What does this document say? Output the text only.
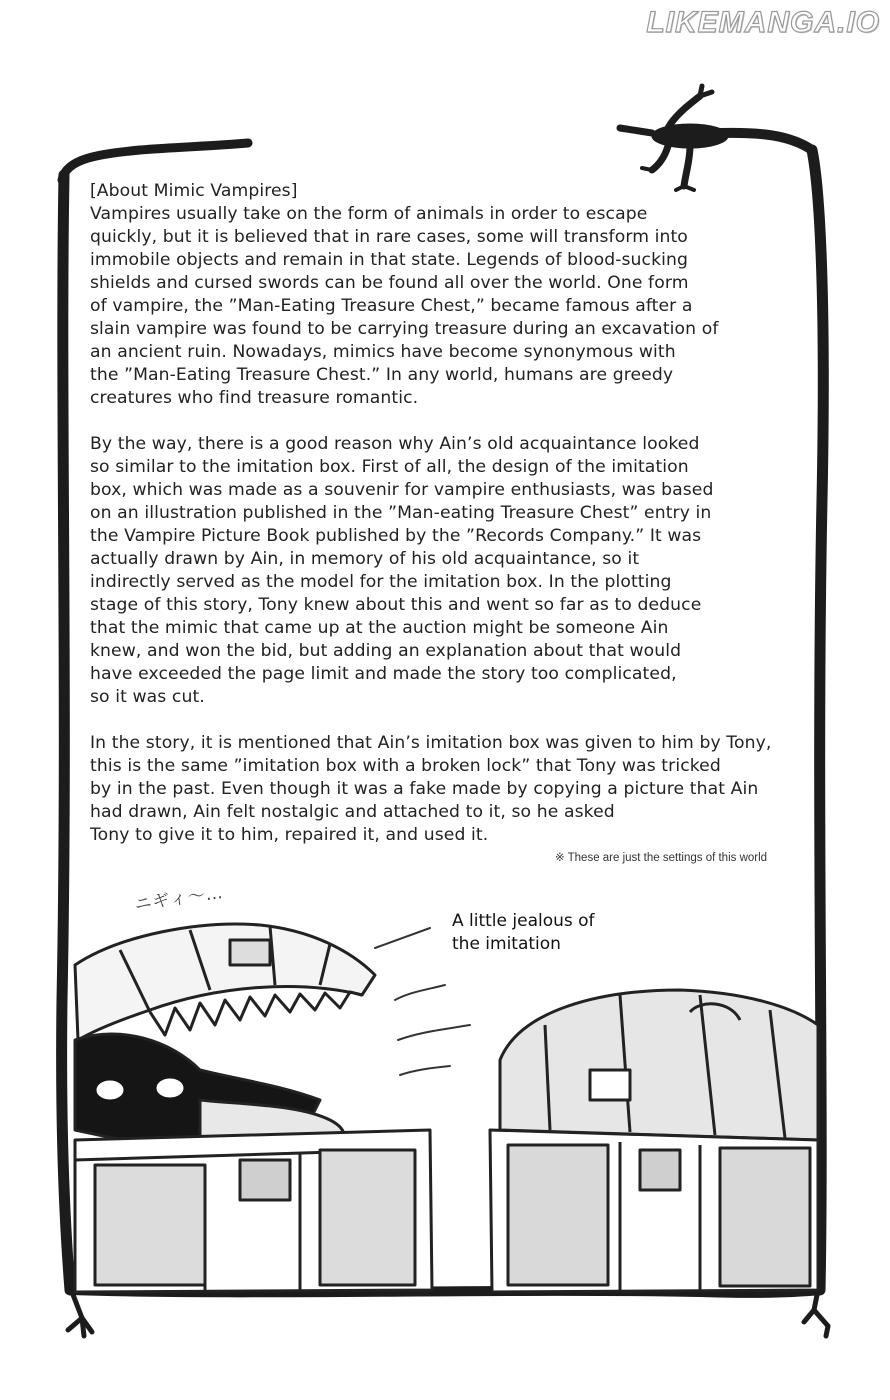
LIKEMANGA.IO

[About Mimic Vampires]

Vampires usually take on the form of animals in order to escape
quickly, but it is believed that in rare cases, some will transform into
immobile objects and remain in that state. Legends of blood-sucking
shields and cursed swords can be found all over the world. One form
of vampire, the ”Man-Eating Treasure Chest,” became famous after a
slain vampire was found to be carrying treasure during an excavation of
an ancient ruin. Nowadays, mimics have become synonymous with
the ”Man-Eating Treasure Chest.” In any world, humans are greedy
creatures who find treasure romantic.

By the way, there is a good reason why Ain’s old acquaintance looked
so similar to the imitation box. First of all, the design of the imitation
box, which was made as a souvenir for vampire enthusiasts, was based
on an illustration published in the ”Man-eating Treasure Chest” entry in
the Vampire Picture Book published by the ”Records Company.” It was
actually drawn by Ain, in memory of his old acquaintance, so it
indirectly served as the model for the imitation box. In the plotting
stage of this story, Tony knew about this and went so far as to deduce
that the mimic that came up at the auction might be someone Ain
knew, and won the bid, but adding an explanation about that would
have exceeded the page limit and made the story too complicated,
so it was cut.

In the story, it is mentioned that Ain’s imitation box was given to him by Tony,
this is the same ”imitation box with a broken lock” that Tony was tricked
by in the past. Even though it was a fake made by copying a picture that Ain
had drawn, Ain felt nostalgic and attached to it, so he asked
Tony to give it to him, repaired it, and used it.

※ These are just the settings of this world
ニギィ〜…
A little jealous of
the imitation
